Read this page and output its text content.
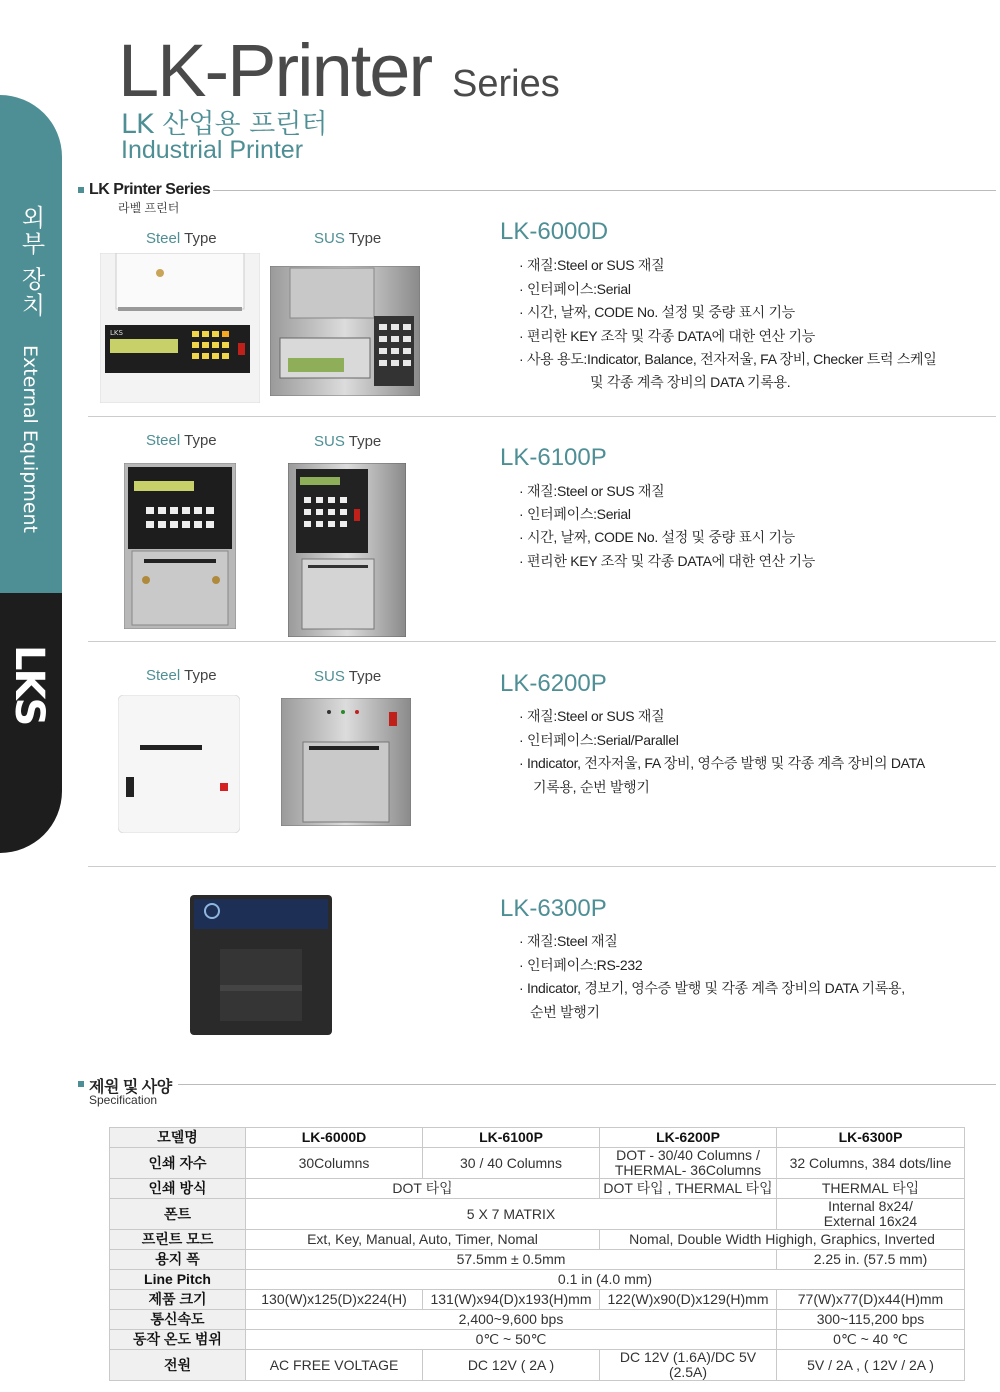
외부 장치
External Equipment
LKS
LK-Printer Series
LK 산업용 프린터
Industrial Printer
LK Printer Series
라벨 프린터
Steel Type	SUS Type
Steel Type	SUS Type
Steel Type	SUS Type
LKS
LK-6000D
· 재질:Steel or SUS 재질
· 인터페이스:Serial
· 시간, 날짜, CODE No. 설정 및 중량 표시 기능
· 편리한 KEY 조작 및 각종 DATA에 대한 연산 기능
· 사용 용도:Indicator, Balance, 전자저울, FA 장비, Checker 트럭 스케일
및 각종 계측 장비의 DATA 기록용.
LK-6100P
· 재질:Steel or SUS 재질
· 인터페이스:Serial
· 시간, 날짜, CODE No. 설정 및 중량 표시 기능
· 편리한 KEY 조작 및 각종 DATA에 대한 연산 기능
LK-6200P
· 재질:Steel or SUS 재질
· 인터페이스:Serial/Parallel
· Indicator, 전자저울, FA 장비, 영수증 발행 및 각종 계측 장비의 DATA
기록용, 순번 발행기
LK-6300P
· 재질:Steel 재질
· 인터페이스:RS-232
· Indicator, 경보기, 영수증 발행 및 각종 계측 장비의 DATA 기록용,
순번 발행기
제원 및 사양
Specification
모델명	LK-6000D	LK-6100P	LK-6200P	LK-6300P
인쇄 자수	30Columns	30 / 40 Columns	DOT - 30/40 Columns /
THERMAL- 36Columns	32 Columns, 384 dots/line
인쇄 방식	DOT 타입		DOT 타입 , THERMAL 타입	THERMAL 타입
폰트	5 X 7 MATRIX			Internal 8x24/
External 16x24
프린트 모드	Ext, Key, Manual, Auto, Timer, Nomal		Nomal, Double Width Highigh, Graphics, Inverted	
용지 폭	57.5mm ± 0.5mm			2.25 in. (57.5 mm)
Line Pitch	0.1 in (4.0 mm)			
제품 크기	130(W)x125(D)x224(H)	131(W)x94(D)x193(H)mm	122(W)x90(D)x129(H)mm	77(W)x77(D)x44(H)mm
통신속도	2,400~9,600 bps			300~115,200 bps
동작 온도 범위	0℃ ~ 50℃			0℃ ~ 40 ℃
전원	AC FREE VOLTAGE	DC 12V ( 2A )	DC 12V (1.6A)/DC 5V (2.5A)	5V / 2A , ( 12V / 2A )
